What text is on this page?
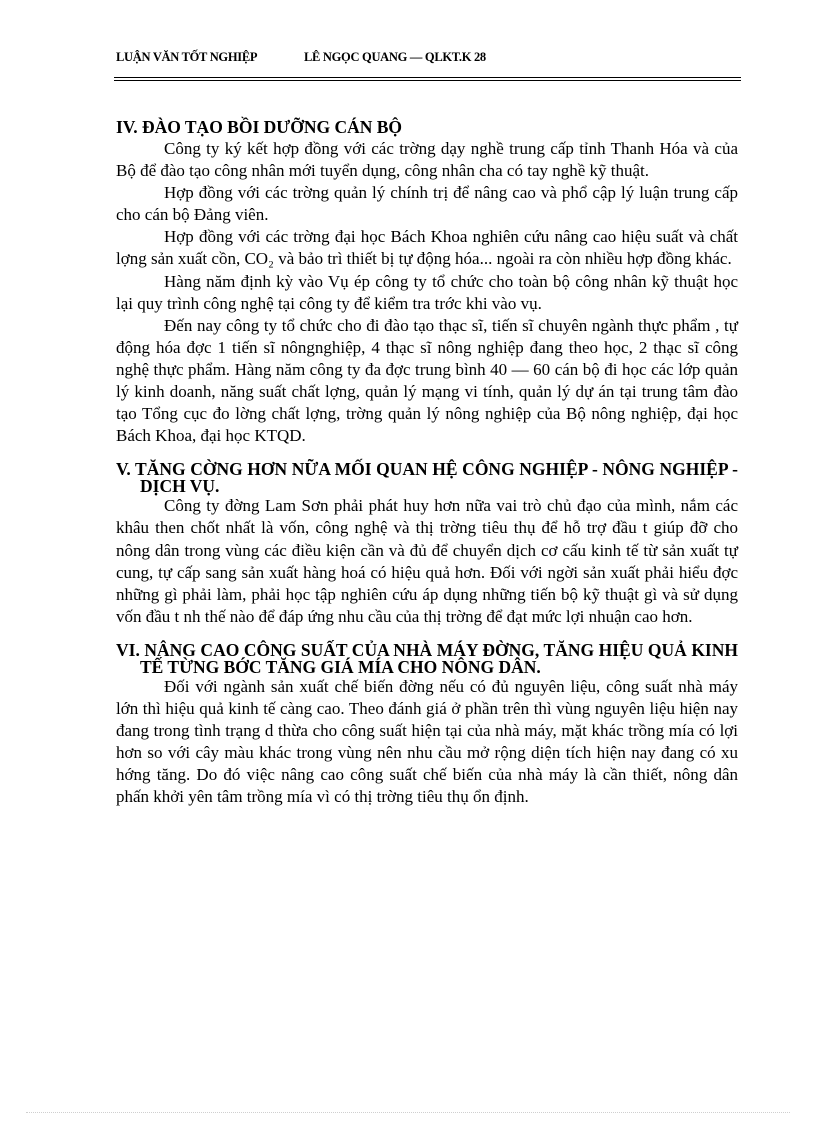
LUẬN VĂN TỐT NGHIỆP	LÊ NGỌC QUANG — QLKT.K 28

IV. ĐÀO TẠO BỒI DƯỠNG CÁN BỘ

Công ty ký kết hợp đồng với các trờng dạy nghề trung cấp tỉnh Thanh Hóa và của Bộ để đào tạo công nhân mới tuyển dụng, công nhân cha có tay nghề kỹ thuật.

Hợp đồng với các trờng quản lý chính trị để nâng cao và phổ cập lý luận trung cấp cho cán bộ Đảng viên.

Hợp đồng với các trờng đại học Bách Khoa nghiên cứu nâng cao hiệu suất và chất lợng sản xuất cồn, CO₂ và bảo trì thiết bị tự động hóa... ngoài ra còn nhiều hợp đồng khác.

Hàng năm định kỳ vào Vụ ép công ty tổ chức cho toàn bộ công nhân kỹ thuật học lại quy trình công nghệ tại công ty để kiểm tra trớc khi vào vụ.

Đến nay công ty tổ chức cho đi đào tạo thạc sĩ, tiến sĩ chuyên ngành thực phẩm , tự động hóa đợc 1 tiến sĩ nôngnghiệp, 4 thạc sĩ nông nghiệp đang theo học, 2 thạc sĩ công nghệ thực phẩm. Hàng năm công ty đa đợc trung bình 40 — 60 cán bộ đi học các lớp quản lý kinh doanh, năng suất chất lợng, quản lý mạng vi tính, quản lý dự án tại trung tâm đào tạo Tổng cục đo lờng chất lợng, trờng quản lý nông nghiệp của Bộ nông nghiệp, đại học Bách Khoa, đại học KTQD.

V. TĂNG CỜNG HƠN NỮA MỐI QUAN HỆ CÔNG NGHIỆP - NÔNG NGHIỆP - DỊCH VỤ.

Công ty đờng Lam Sơn phải phát huy hơn nữa vai trò chủ đạo của mình, nắm các khâu then chốt nhất là vốn, công nghệ và thị trờng tiêu thụ để hỗ trợ đầu t giúp đỡ cho nông dân trong vùng các điều kiện cần và đủ để chuyển dịch cơ cấu kinh tế từ sản xuất tự cung, tự cấp sang sản xuất hàng hoá có hiệu quả hơn. Đối với ngời sản xuất phải hiểu đợc những gì phải làm, phải học tập nghiên cứu áp dụng những tiến bộ kỹ thuật gì và sử dụng vốn đầu t nh thế nào để đáp ứng nhu cầu của thị trờng để đạt mức lợi nhuận cao hơn.

VI. NÂNG CAO CÔNG SUẤT CỦA NHÀ MÁY ĐỜNG, TĂNG HIỆU QUẢ KINH TẾ TỪNG BỚC TĂNG GIÁ MÍA CHO NÔNG DÂN.

Đối với ngành sản xuất chế biến đờng nếu có đủ nguyên liệu, công suất nhà máy lớn thì hiệu quả kinh tế càng cao. Theo đánh giá ở phần trên thì vùng nguyên liệu hiện nay đang trong tình trạng d thừa cho công suất hiện tại của nhà máy, mặt khác trồng mía có lợi hơn so với cây màu khác trong vùng nên nhu cầu mở rộng diện tích hiện nay đang có xu hớng tăng. Do đó việc nâng cao công suất chế biến của nhà máy là cần thiết, nông dân phấn khởi yên tâm trồng mía vì có thị trờng tiêu thụ ổn định.
